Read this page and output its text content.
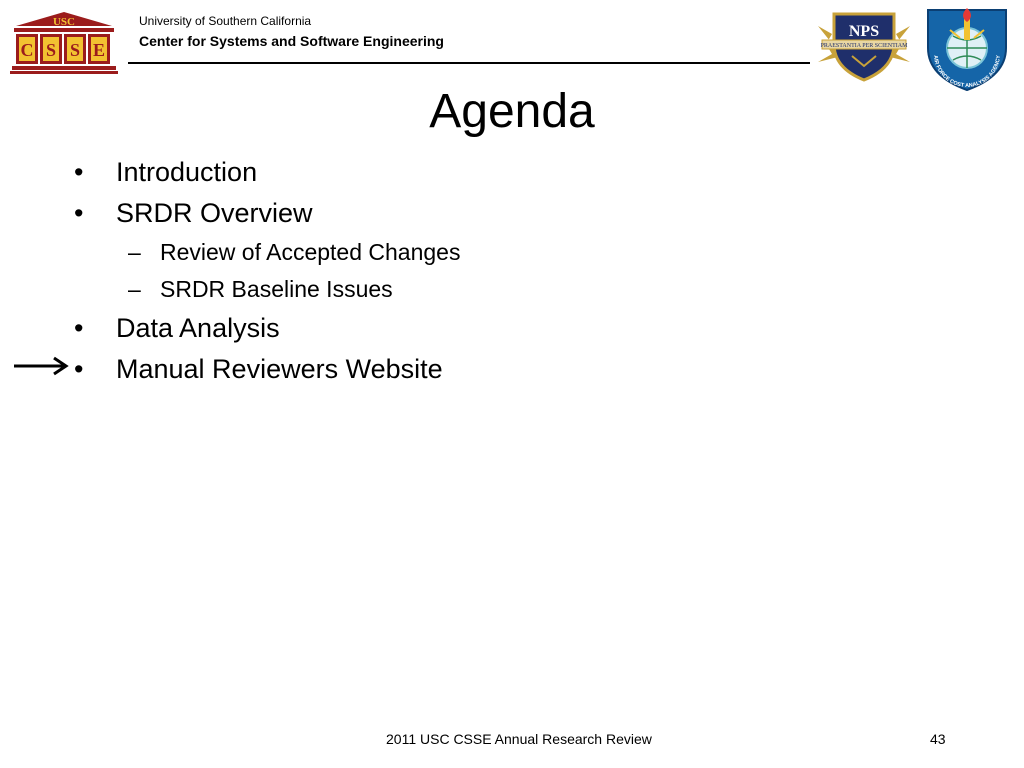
USC
C S S E
University of Southern California
Center for Systems and Software Engineering
NPS
PRAESTANTIA PER SCIENTIAM
AIR FORCE COST ANALYSIS AGENCY
Agenda
• Introduction
• SRDR Overview
– Review of Accepted Changes
– SRDR Baseline Issues
• Data Analysis
• Manual Reviewers Website
2011 USC CSSE Annual Research Review	43
